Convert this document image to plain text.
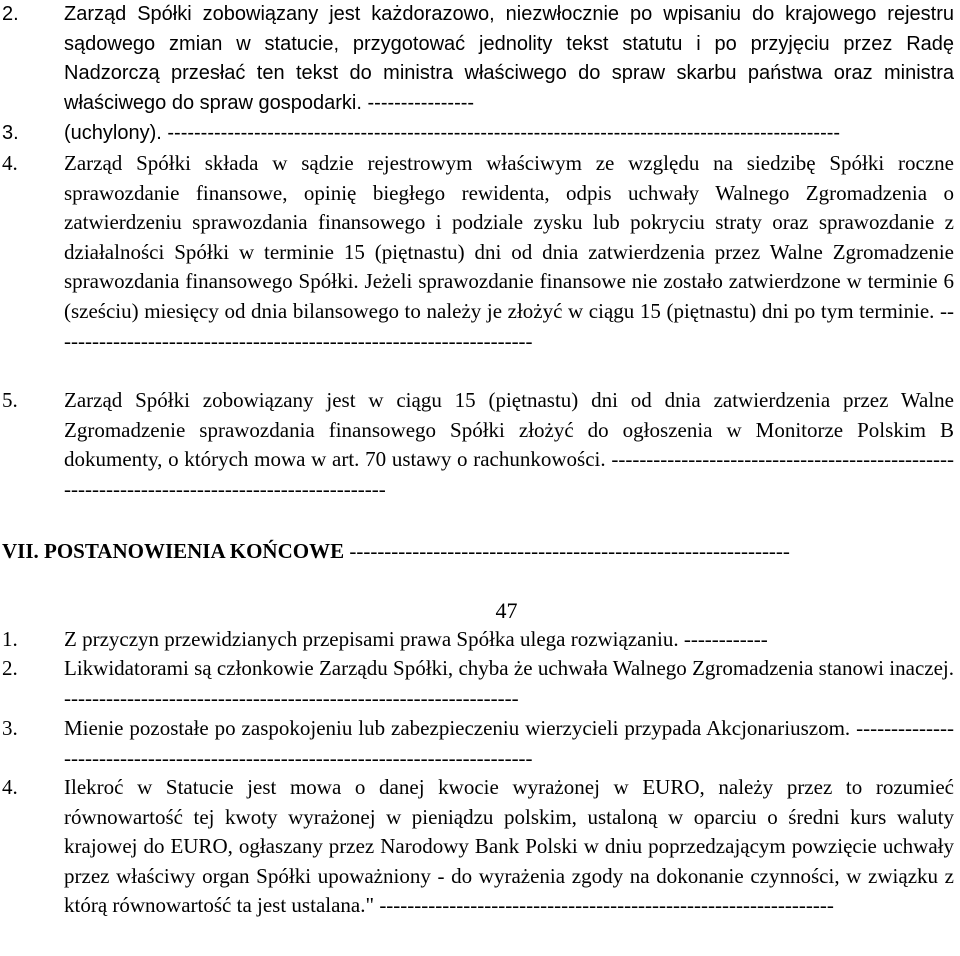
2.	Zarząd Spółki zobowiązany jest każdorazowo, niezwłocznie po wpisaniu do krajowego rejestru sądowego zmian w statucie, przygotować jednolity tekst statutu i po przyjęciu przez Radę Nadzorczą przesłać ten tekst do ministra właściwego do spraw skarbu państwa oraz ministra właściwego do spraw gospodarki. ----------------
3.	(uchylony). -----------------------------------------------------------------------------------------------------
4.	Zarząd Spółki składa w sądzie rejestrowym właściwym ze względu na siedzibę Spółki roczne sprawozdanie finansowe, opinię biegłego rewidenta, odpis uchwały Walnego Zgromadzenia o zatwierdzeniu sprawozdania finansowego i podziale zysku lub pokryciu straty oraz sprawozdanie z działalności Spółki w terminie 15 (piętnastu) dni od dnia zatwierdzenia przez Walne Zgromadzenie sprawozdania finansowego Spółki. Jeżeli sprawozdanie finansowe nie zostało zatwierdzone w terminie 6 (sześciu) miesięcy od dnia bilansowego to należy je złożyć w ciągu 15 (piętnastu) dni po tym terminie. ---------------------------------------------------------------------
5.	Zarząd Spółki zobowiązany jest w ciągu 15 (piętnastu) dni od dnia zatwierdzenia przez Walne Zgromadzenie sprawozdania finansowego Spółki złożyć do ogłoszenia w Monitorze Polskim B dokumenty, o których mowa w art. 70 ustawy o rachunkowości. -----------------------------------------------------------------------------------------------
VII. POSTANOWIENIA KOŃCOWE ---------------------------------------------------------------
47
1.	Z przyczyn przewidzianych przepisami prawa Spółka ulega rozwiązaniu. ------------
2.	Likwidatorami są członkowie Zarządu Spółki, chyba że uchwała Walnego Zgromadzenia stanowi inaczej. -----------------------------------------------------------------
3.	Mienie pozostałe po zaspokojeniu lub zabezpieczeniu wierzycieli przypada Akcjonariuszom. ---------------------------------------------------------------------------------
4.	Ilekroć w Statucie jest mowa o danej kwocie wyrażonej w EURO, należy przez to rozumieć równowartość tej kwoty wyrażonej w pieniądzu polskim, ustaloną w oparciu o średni kurs waluty krajowej do EURO, ogłaszany przez Narodowy Bank Polski w dniu poprzedzającym powzięcie uchwały przez właściwy organ Spółki upoważniony - do wyrażenia zgody na dokonanie czynności, w związku z którą równowartość ta jest ustalana." -----------------------------------------------------------------
